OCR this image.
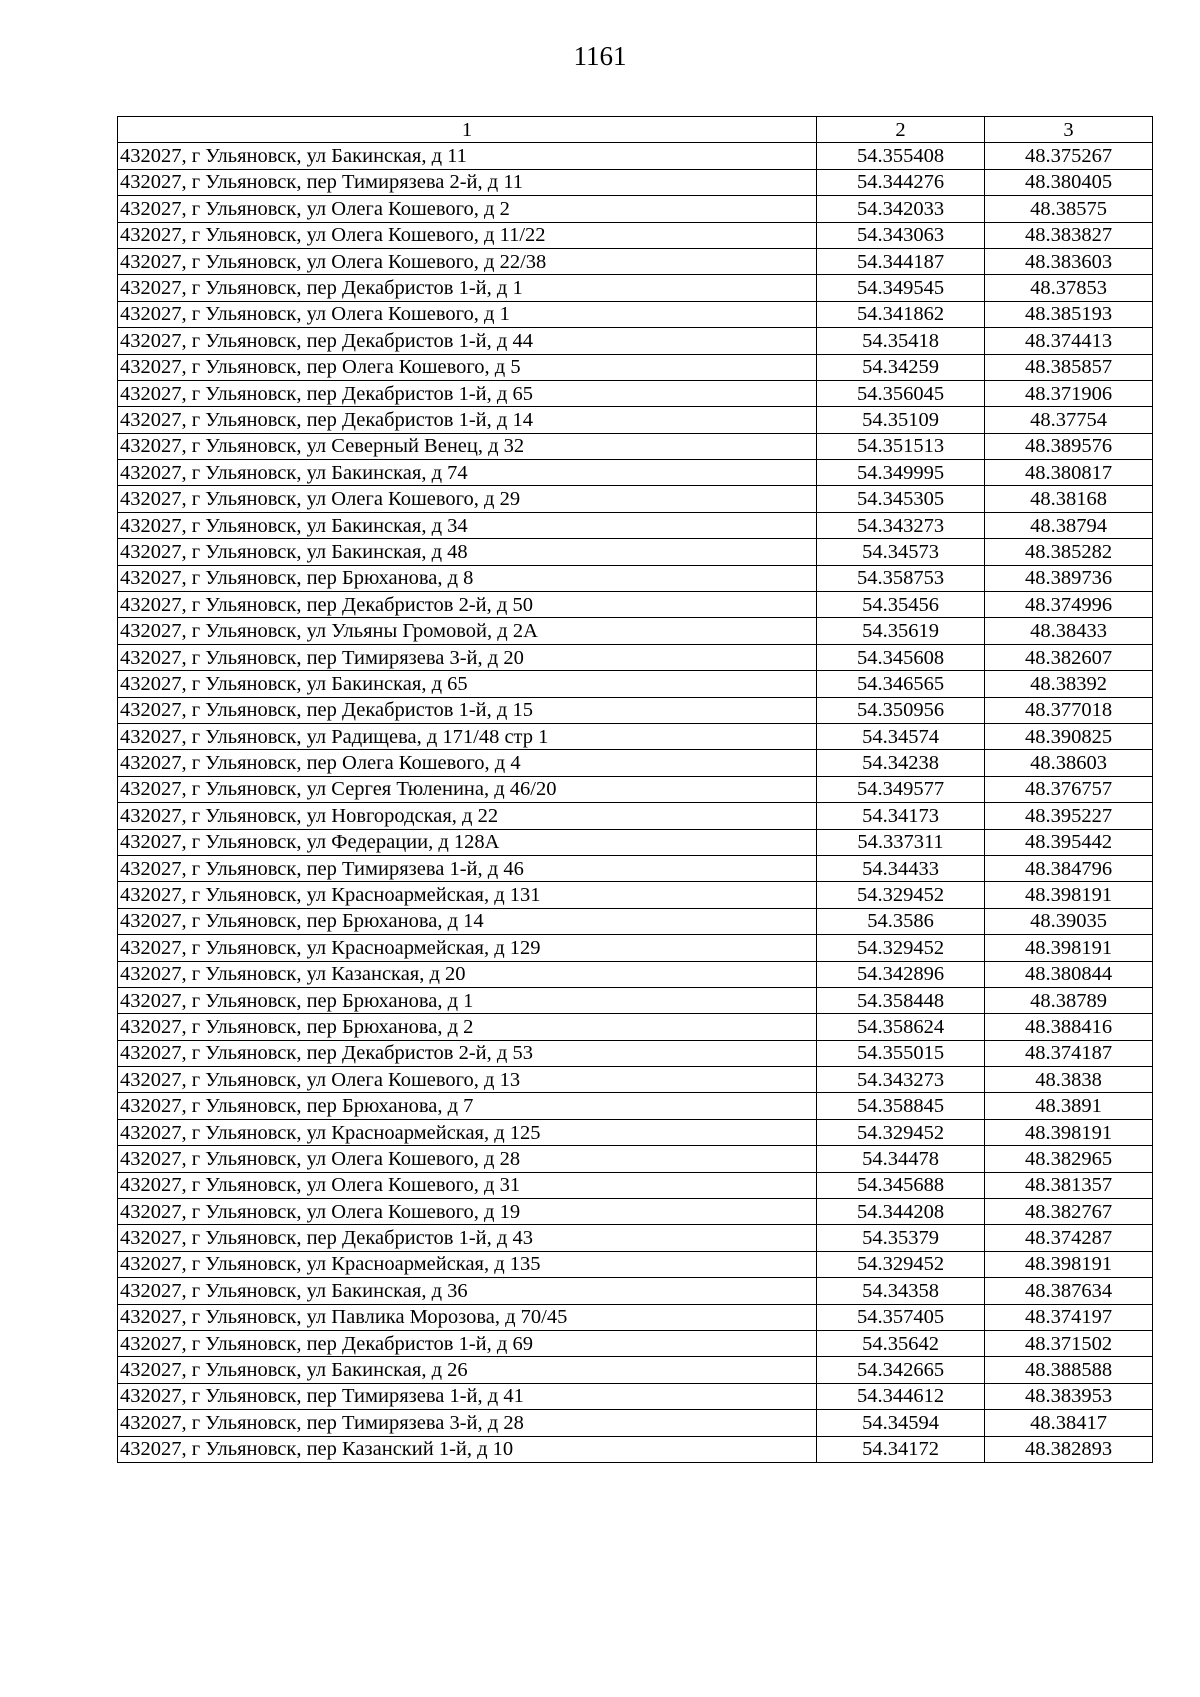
1161
1	2	3
432027, г Ульяновск, ул Бакинская, д 11	54.355408	48.375267
432027, г Ульяновск, пер Тимирязева 2-й, д 11	54.344276	48.380405
432027, г Ульяновск, ул Олега Кошевого, д 2	54.342033	48.38575
432027, г Ульяновск, ул Олега Кошевого, д 11/22	54.343063	48.383827
432027, г Ульяновск, ул Олега Кошевого, д 22/38	54.344187	48.383603
432027, г Ульяновск, пер Декабристов 1-й, д 1	54.349545	48.37853
432027, г Ульяновск, ул Олега Кошевого, д 1	54.341862	48.385193
432027, г Ульяновск, пер Декабристов 1-й, д 44	54.35418	48.374413
432027, г Ульяновск, пер Олега Кошевого, д 5	54.34259	48.385857
432027, г Ульяновск, пер Декабристов 1-й, д 65	54.356045	48.371906
432027, г Ульяновск, пер Декабристов 1-й, д 14	54.35109	48.37754
432027, г Ульяновск, ул Северный Венец, д 32	54.351513	48.389576
432027, г Ульяновск, ул Бакинская, д 74	54.349995	48.380817
432027, г Ульяновск, ул Олега Кошевого, д 29	54.345305	48.38168
432027, г Ульяновск, ул Бакинская, д 34	54.343273	48.38794
432027, г Ульяновск, ул Бакинская, д 48	54.34573	48.385282
432027, г Ульяновск, пер Брюханова, д 8	54.358753	48.389736
432027, г Ульяновск, пер Декабристов 2-й, д 50	54.35456	48.374996
432027, г Ульяновск, ул Ульяны Громовой, д 2А	54.35619	48.38433
432027, г Ульяновск, пер Тимирязева 3-й, д 20	54.345608	48.382607
432027, г Ульяновск, ул Бакинская, д 65	54.346565	48.38392
432027, г Ульяновск, пер Декабристов 1-й, д 15	54.350956	48.377018
432027, г Ульяновск, ул Радищева, д 171/48 стр 1	54.34574	48.390825
432027, г Ульяновск, пер Олега Кошевого, д 4	54.34238	48.38603
432027, г Ульяновск, ул Сергея Тюленина, д 46/20	54.349577	48.376757
432027, г Ульяновск, ул Новгородская, д 22	54.34173	48.395227
432027, г Ульяновск, ул Федерации, д 128А	54.337311	48.395442
432027, г Ульяновск, пер Тимирязева 1-й, д 46	54.34433	48.384796
432027, г Ульяновск, ул Красноармейская, д 131	54.329452	48.398191
432027, г Ульяновск, пер Брюханова, д 14	54.3586	48.39035
432027, г Ульяновск, ул Красноармейская, д 129	54.329452	48.398191
432027, г Ульяновск, ул Казанская, д 20	54.342896	48.380844
432027, г Ульяновск, пер Брюханова, д 1	54.358448	48.38789
432027, г Ульяновск, пер Брюханова, д 2	54.358624	48.388416
432027, г Ульяновск, пер Декабристов 2-й, д 53	54.355015	48.374187
432027, г Ульяновск, ул Олега Кошевого, д 13	54.343273	48.3838
432027, г Ульяновск, пер Брюханова, д 7	54.358845	48.3891
432027, г Ульяновск, ул Красноармейская, д 125	54.329452	48.398191
432027, г Ульяновск, ул Олега Кошевого, д 28	54.34478	48.382965
432027, г Ульяновск, ул Олега Кошевого, д 31	54.345688	48.381357
432027, г Ульяновск, ул Олега Кошевого, д 19	54.344208	48.382767
432027, г Ульяновск, пер Декабристов 1-й, д 43	54.35379	48.374287
432027, г Ульяновск, ул Красноармейская, д 135	54.329452	48.398191
432027, г Ульяновск, ул Бакинская, д 36	54.34358	48.387634
432027, г Ульяновск, ул Павлика Морозова, д 70/45	54.357405	48.374197
432027, г Ульяновск, пер Декабристов 1-й, д 69	54.35642	48.371502
432027, г Ульяновск, ул Бакинская, д 26	54.342665	48.388588
432027, г Ульяновск, пер Тимирязева 1-й, д 41	54.344612	48.383953
432027, г Ульяновск, пер Тимирязева 3-й, д 28	54.34594	48.38417
432027, г Ульяновск, пер Казанский 1-й, д 10	54.34172	48.382893
